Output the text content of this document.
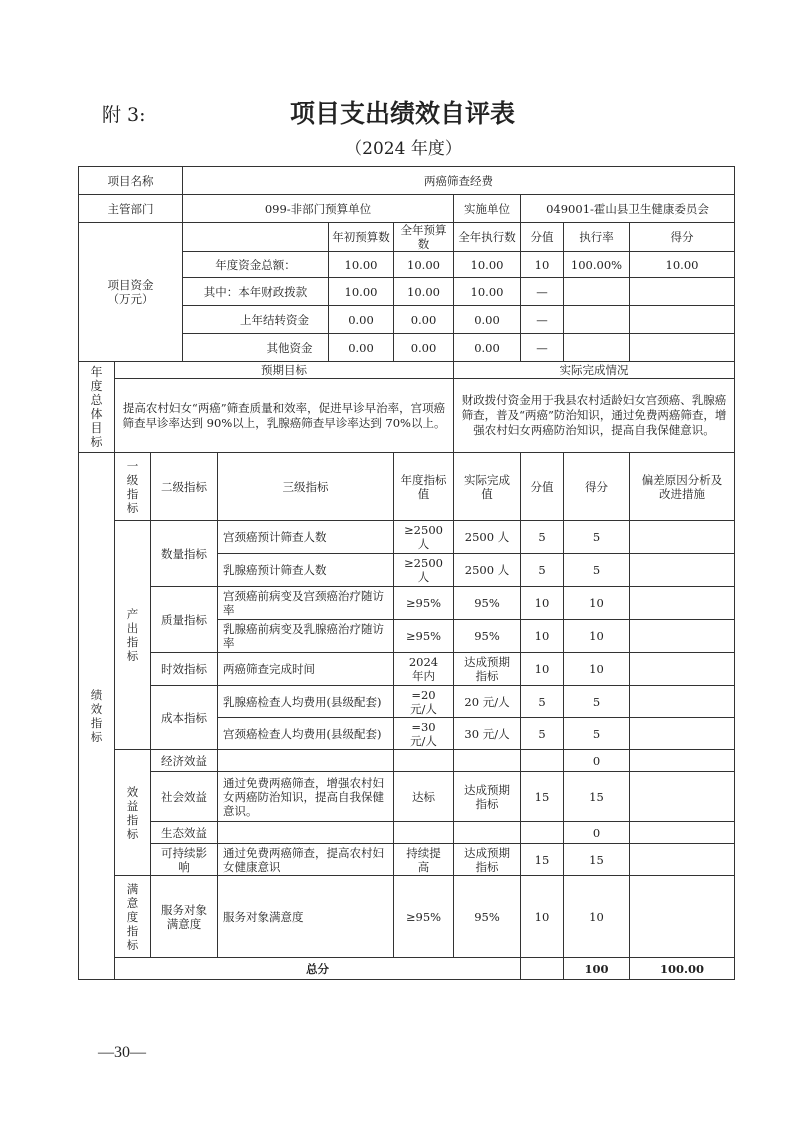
附 3:	项目支出绩效自评表
（2024 年度）
项目名称			两癌筛查经费								
主管部门			099-非部门预算单位				实施单位	049001-霍山县卫生健康委员会			

项目资金
（万元）					年初预算数	全年预算数	全年执行数	分值	执行率	得分	
			年度资金总额：		10.00	10.00	10.00	10	100.00%	10.00	
			其中：本年财政拨款		10.00	10.00	10.00	—			
			上年结转资金		0.00	0.00	0.00	—			
			其他资金		0.00	0.00	0.00	—			
年度总体目标	预期目标						实际完成情况				
	提高农村妇女“两癌”筛查质量和效率，促进早诊早治率，宫项癌筛查早诊率达到 90%以上，乳腺癌筛查早诊率达到 70%以上。						财政拨付资金用于我县农村适龄妇女宫颈癌、乳腺癌筛查，普及“两癌”防治知识，通过免费两癌筛查，增强农村妇女两癌防治知识，提高自我保健意识。				
绩效指标	一级指标	二级指标		三级指标		年度指标值	实际完成值	分值	得分	偏差原因分析及改进措施	
	产出指标	数量指标		宫颈癌预计筛查人数		≥2500人	2500 人	5	5		
				乳腺癌预计筛查人数		≥2500人	2500 人	5	5		
		质量指标		宫颈癌前病变及宫颈癌治疗随访率		≥95%	95%	10	10		
				乳腺癌前病变及乳腺癌治疗随访率		≥95%	95%	10	10		
		时效指标		两癌筛查完成时间		2024 年内	达成预期指标	10	10		
		成本指标		乳腺癌检查人均费用(县级配套)		=20 元/人	20 元/人	5	5		
				宫颈癌检查人均费用(县级配套)		=30 元/人	30 元/人	5	5		
	效益指标	经济效益							0		
		社会效益		通过免费两癌筛查，增强农村妇女两癌防治知识，提高自我保健意识。		达标	达成预期指标	15	15		
		生态效益							0		
		可持续影响		通过免费两癌筛查，提高农村妇女健康意识		持续提高	达成预期指标	15	15		
	满意度指标	服务对象满意度		服务对象满意度		≥95%	95%	10	10		
	总分								100	100.00	
—30—
